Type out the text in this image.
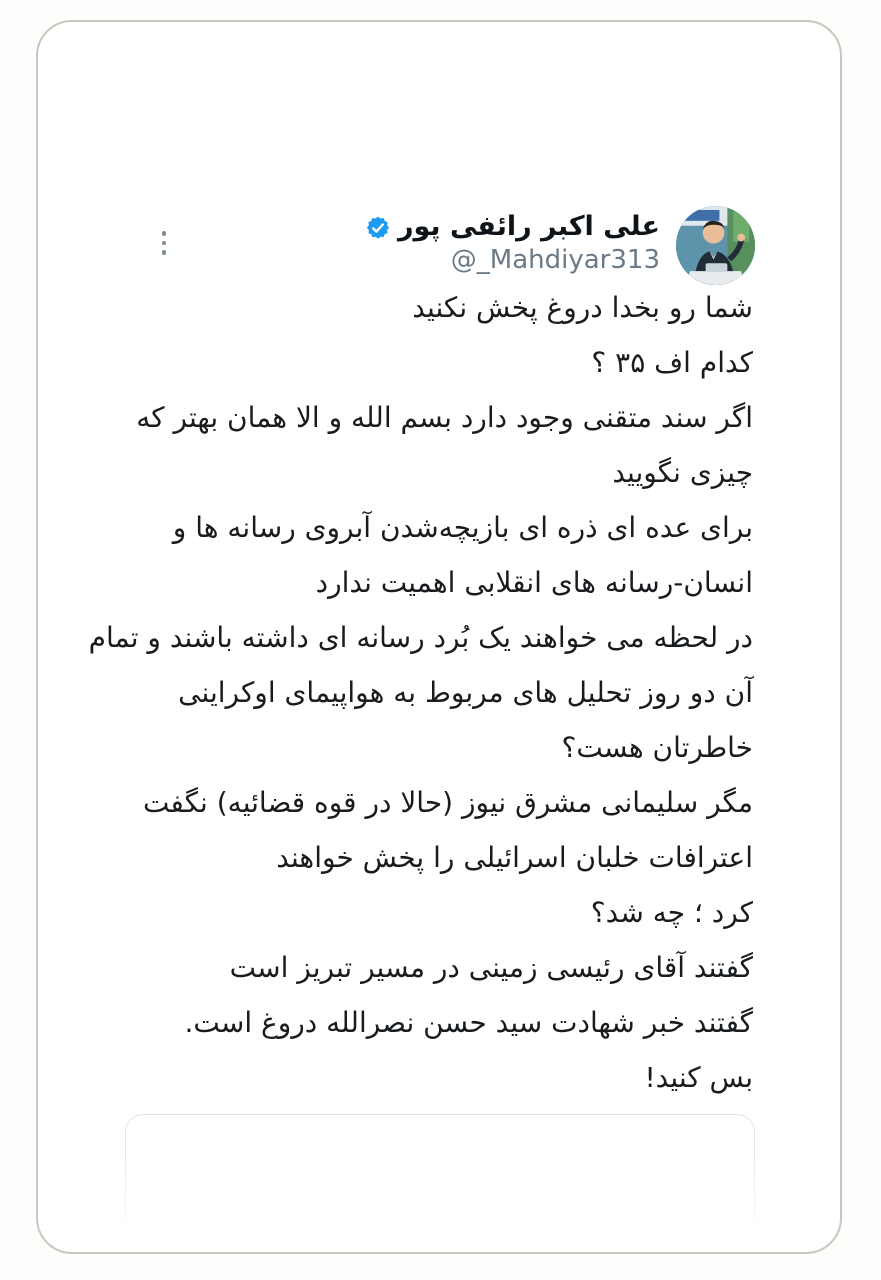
علی اکبر رائفی پور
@_Mahdiyar313
شما رو بخدا دروغ پخش نکنید
کدام اف ۳۵ ؟
اگر سند متقنی وجود دارد بسم الله و الا همان بهتر که
چیزی نگویید
برای عده ای ذره ای بازیچه‌شدن آبروی رسانه ها و
انسان-رسانه های انقلابی اهمیت ندارد
در لحظه می خواهند یک بُرد رسانه ای داشته باشند و تمام
آن دو روز تحلیل های مربوط به هواپیمای اوکراینی
خاطرتان هست؟
مگر سلیمانی مشرق نیوز (حالا در قوه قضائیه) نگفت
اعترافات خلبان اسرائیلی را پخش خواهند
کرد ؛ چه شد؟
گفتند آقای رئیسی زمینی در مسیر تبریز است
گفتند خبر شهادت سید حسن نصرالله دروغ است.
بس کنید!
